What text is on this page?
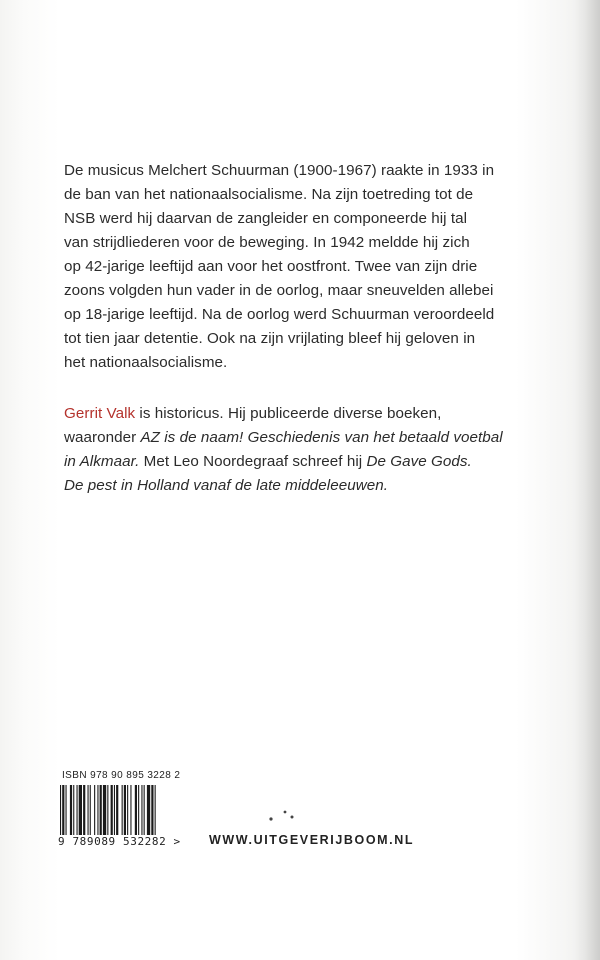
De musicus Melchert Schuurman (1900-1967) raakte in 1933 in
de ban van het nationaalsocialisme. Na zijn toetreding tot de
NSB werd hij daarvan de zangleider en componeerde hij tal
van strijdliederen voor de beweging. In 1942 meldde hij zich
op 42-jarige leeftijd aan voor het oostfront. Twee van zijn drie
zoons volgden hun vader in de oorlog, maar sneuvelden allebei
op 18-jarige leeftijd. Na de oorlog werd Schuurman veroordeeld
tot tien jaar detentie. Ook na zijn vrijlating bleef hij geloven in
het nationaalsocialisme.

Gerrit Valk is historicus. Hij publiceerde diverse boeken,
waaronder AZ is de naam! Geschiedenis van het betaald voetbal
in Alkmaar. Met Leo Noordegraaf schreef hij De Gave Gods.
De pest in Holland vanaf de late middeleeuwen.

ISBN 978 90 895 3228 2
9 789089 532282 > WWW.UITGEVERIJBOOM.NL
